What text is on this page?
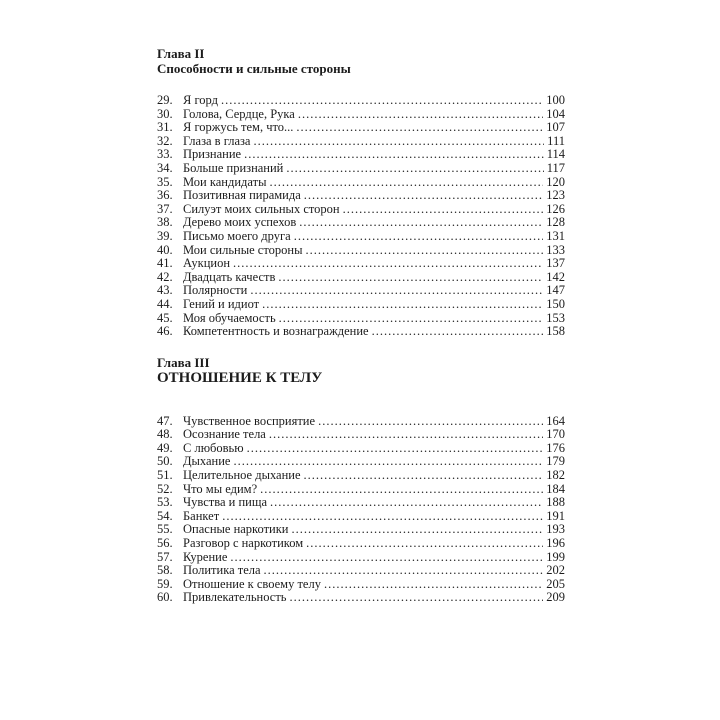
Глава II
Способности и сильные стороны
29. Я горд .....	100
30. Голова, Сердце, Рука .....	104
31. Я горжусь тем, что... .....	107
32. Глаза в глаза .....	111
33. Признание .....	114
34. Больше признаний .....	117
35. Мои кандидаты .....	120
36. Позитивная пирамида .....	123
37. Силуэт моих сильных сторон .....	126
38. Дерево моих успехов .....	128
39. Письмо моего друга .....	131
40. Мои сильные стороны .....	133
41. Аукцион .....	137
42. Двадцать качеств .....	142
43. Полярности .....	147
44. Гений и идиот .....	150
45. Моя обучаемость .....	153
46. Компетентность и вознаграждение .....	158
Глава III
ОТНОШЕНИЕ К ТЕЛУ
47. Чувственное восприятие .....	164
48. Осознание тела .....	170
49. С любовью .....	176
50. Дыхание .....	179
51. Целительное дыхание .....	182
52. Что мы едим? .....	184
53. Чувства и пища .....	188
54. Банкет .....	191
55. Опасные наркотики .....	193
56. Разговор с наркотиком .....	196
57. Курение .....	199
58. Политика тела .....	202
59. Отношение к своему телу .....	205
60. Привлекательность .....	209
